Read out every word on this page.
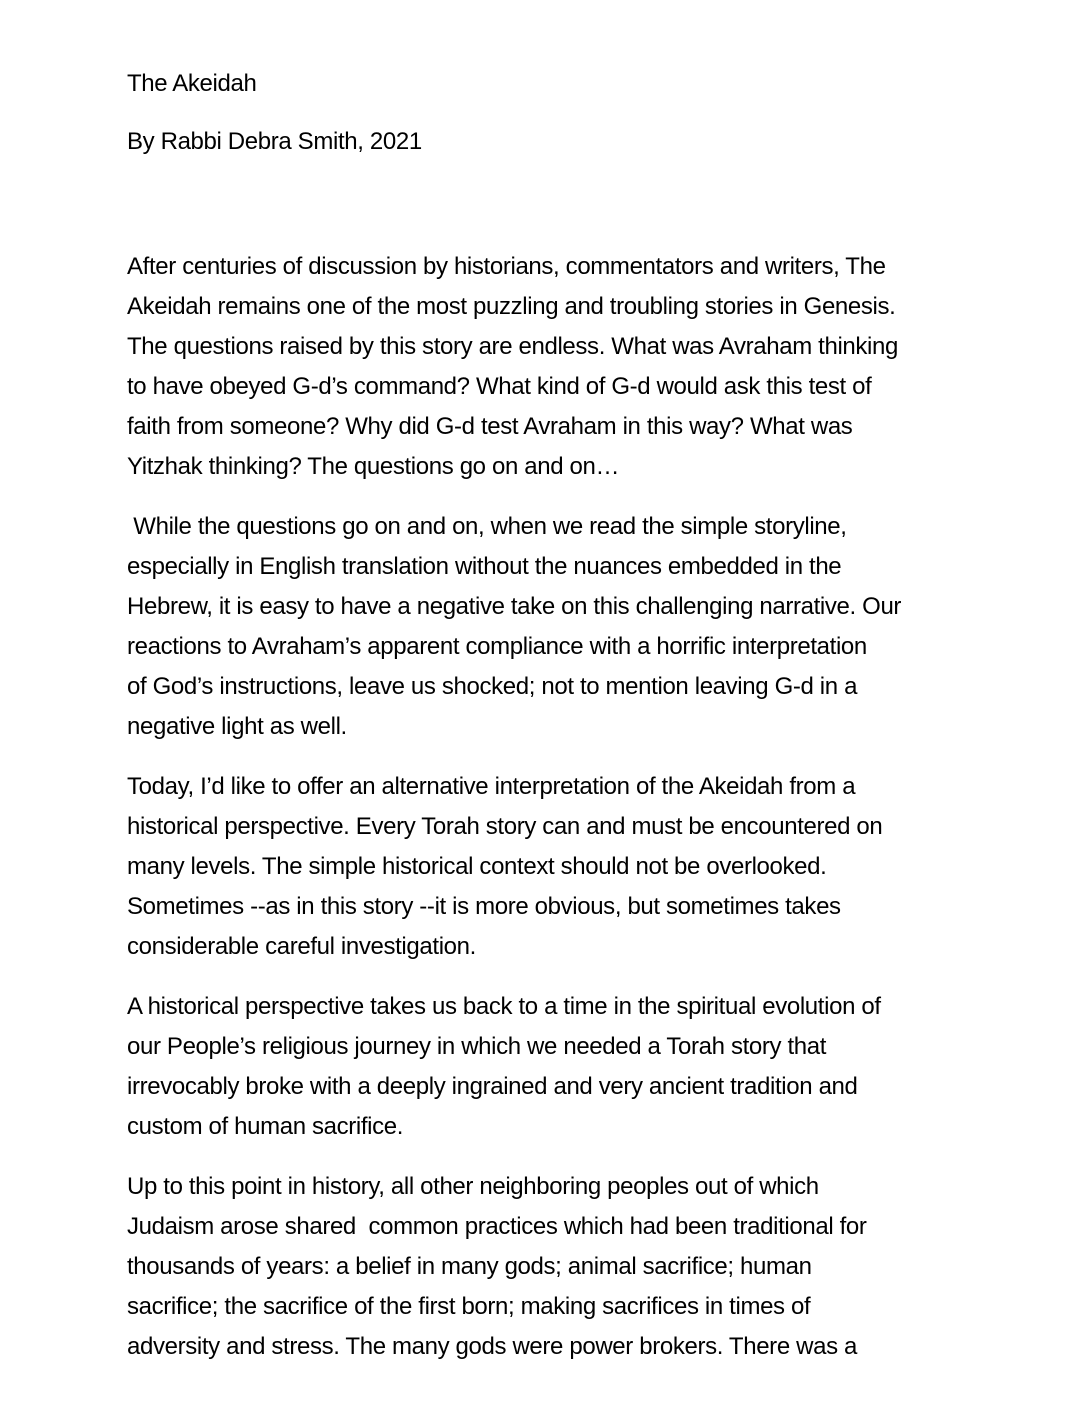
The Akeidah
By Rabbi Debra Smith, 2021
After centuries of discussion by historians, commentators and writers, The
Akeidah remains one of the most puzzling and troubling stories in Genesis.
The questions raised by this story are endless. What was Avraham thinking
to have obeyed G-d’s command? What kind of G-d would ask this test of
faith from someone? Why did G-d test Avraham in this way? What was
Yitzhak thinking? The questions go on and on…
While the questions go on and on, when we read the simple storyline,
especially in English translation without the nuances embedded in the
Hebrew, it is easy to have a negative take on this challenging narrative. Our
reactions to Avraham’s apparent compliance with a horrific interpretation
of God’s instructions, leave us shocked; not to mention leaving G-d in a
negative light as well.
Today, I’d like to offer an alternative interpretation of the Akeidah from a
historical perspective. Every Torah story can and must be encountered on
many levels. The simple historical context should not be overlooked.
Sometimes --as in this story --it is more obvious, but sometimes takes
considerable careful investigation.
A historical perspective takes us back to a time in the spiritual evolution of
our People’s religious journey in which we needed a Torah story that
irrevocably broke with a deeply ingrained and very ancient tradition and
custom of human sacrifice.
Up to this point in history, all other neighboring peoples out of which
Judaism arose shared  common practices which had been traditional for
thousands of years: a belief in many gods; animal sacrifice; human
sacrifice; the sacrifice of the first born; making sacrifices in times of
adversity and stress. The many gods were power brokers. There was a
